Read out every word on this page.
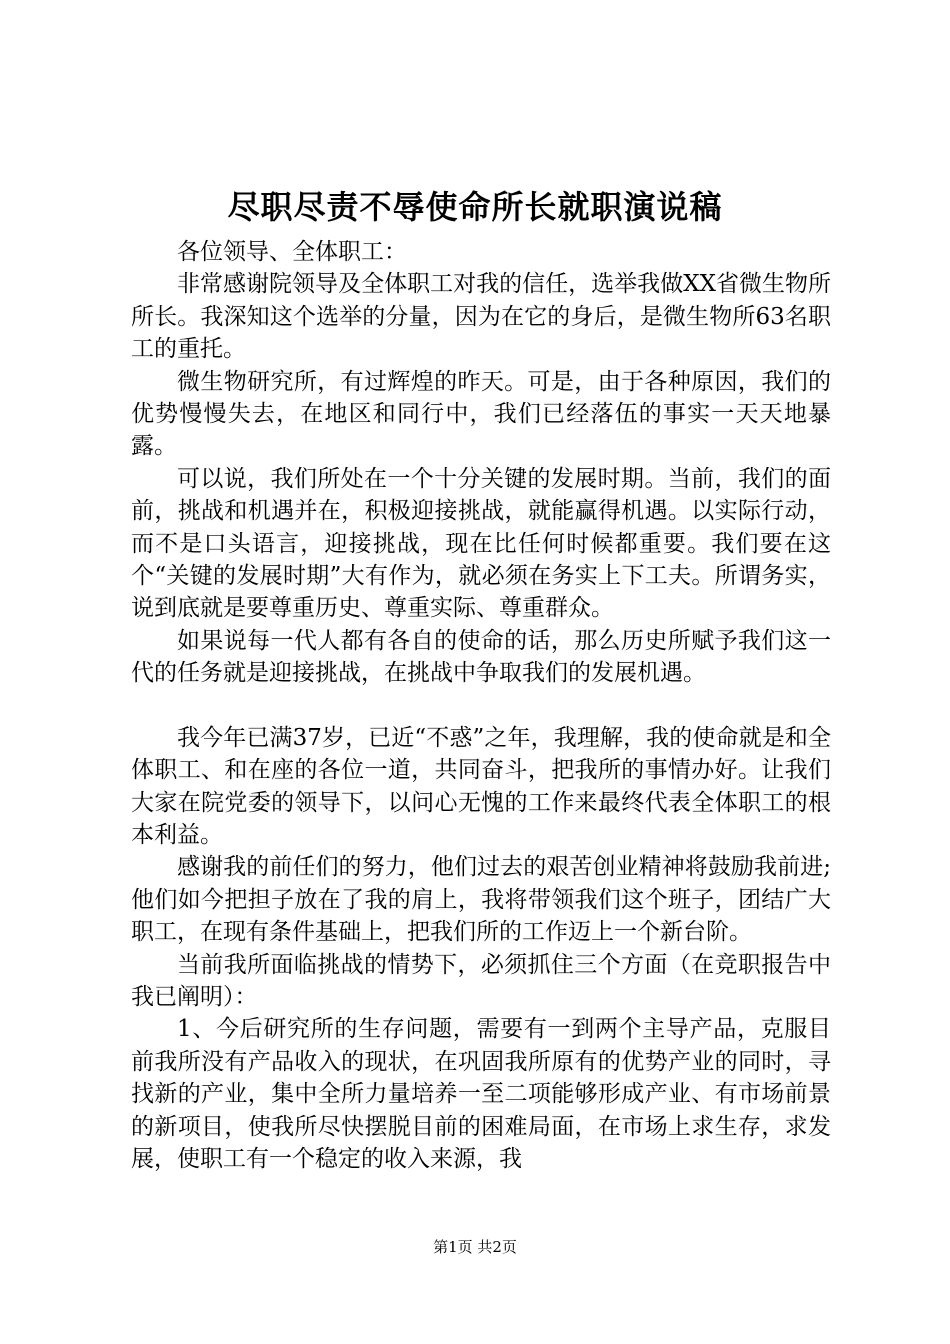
尽职尽责不辱使命所长就职演说稿

各位领导、全体职工：

非常感谢院领导及全体职工对我的信任，选举我做XX省微生物所所长。我深知这个选举的分量，因为在它的身后，是微生物所63名职工的重托。

微生物研究所，有过辉煌的昨天。可是，由于各种原因，我们的优势慢慢失去，在地区和同行中，我们已经落伍的事实一天天地暴露。

可以说，我们所处在一个十分关键的发展时期。当前，我们的面前，挑战和机遇并在，积极迎接挑战，就能赢得机遇。以实际行动，而不是口头语言，迎接挑战，现在比任何时候都重要。我们要在这个“关键的发展时期”大有作为，就必须在务实上下工夫。所谓务实，说到底就是要尊重历史、尊重实际、尊重群众。

如果说每一代人都有各自的使命的话，那么历史所赋予我们这一代的任务就是迎接挑战，在挑战中争取我们的发展机遇。

我今年已满37岁，已近“不惑”之年，我理解，我的使命就是和全体职工、和在座的各位一道，共同奋斗，把我所的事情办好。让我们大家在院党委的领导下，以问心无愧的工作来最终代表全体职工的根本利益。

感谢我的前任们的努力，他们过去的艰苦创业精神将鼓励我前进;他们如今把担子放在了我的肩上，我将带领我们这个班子，团结广大职工，在现有条件基础上，把我们所的工作迈上一个新台阶。

当前我所面临挑战的情势下，必须抓住三个方面（在竞职报告中我已阐明）：

1、今后研究所的生存问题，需要有一到两个主导产品，克服目前我所没有产品收入的现状，在巩固我所原有的优势产业的同时，寻找新的产业，集中全所力量培养一至二项能够形成产业、有市场前景的新项目，使我所尽快摆脱目前的困难局面，在市场上求生存，求发展，使职工有一个稳定的收入来源，我

第1页 共2页
